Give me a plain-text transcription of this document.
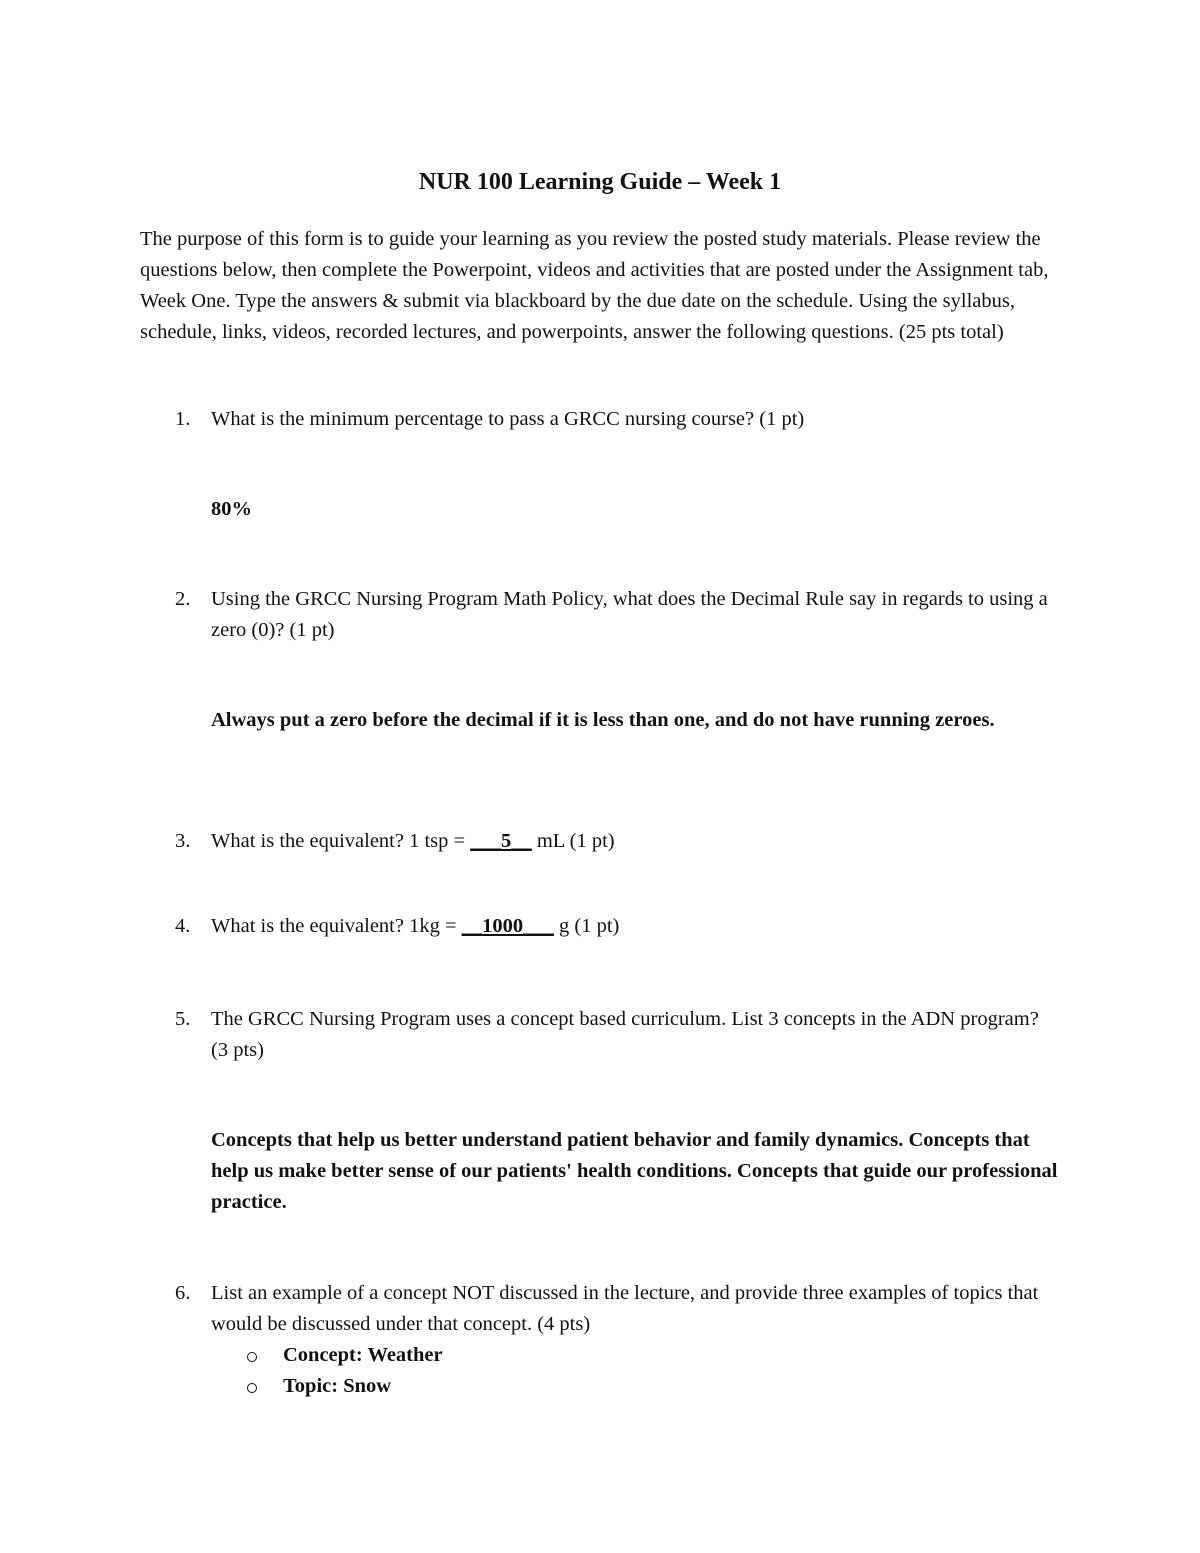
NUR 100 Learning Guide – Week 1

The purpose of this form is to guide your learning as you review the posted study materials. Please review the questions below, then complete the Powerpoint, videos and activities that are posted under the Assignment tab, Week One. Type the answers & submit via blackboard by the due date on the schedule. Using the syllabus, schedule, links, videos, recorded lectures, and powerpoints, answer the following questions. (25 pts total)

1. What is the minimum percentage to pass a GRCC nursing course? (1 pt)
80%
2. Using the GRCC Nursing Program Math Policy, what does the Decimal Rule say in regards to using a zero (0)? (1 pt)
Always put a zero before the decimal if it is less than one, and do not have running zeroes.
3. What is the equivalent? 1 tsp = ___5__ mL (1 pt)
4. What is the equivalent? 1kg = __1000___ g (1 pt)
5. The GRCC Nursing Program uses a concept based curriculum. List 3 concepts in the ADN program? (3 pts)
Concepts that help us better understand patient behavior and family dynamics. Concepts that help us make better sense of our patients' health conditions. Concepts that guide our professional practice.
6. List an example of a concept NOT discussed in the lecture, and provide three examples of topics that would be discussed under that concept. (4 pts)
Concept: Weather
Topic: Snow
